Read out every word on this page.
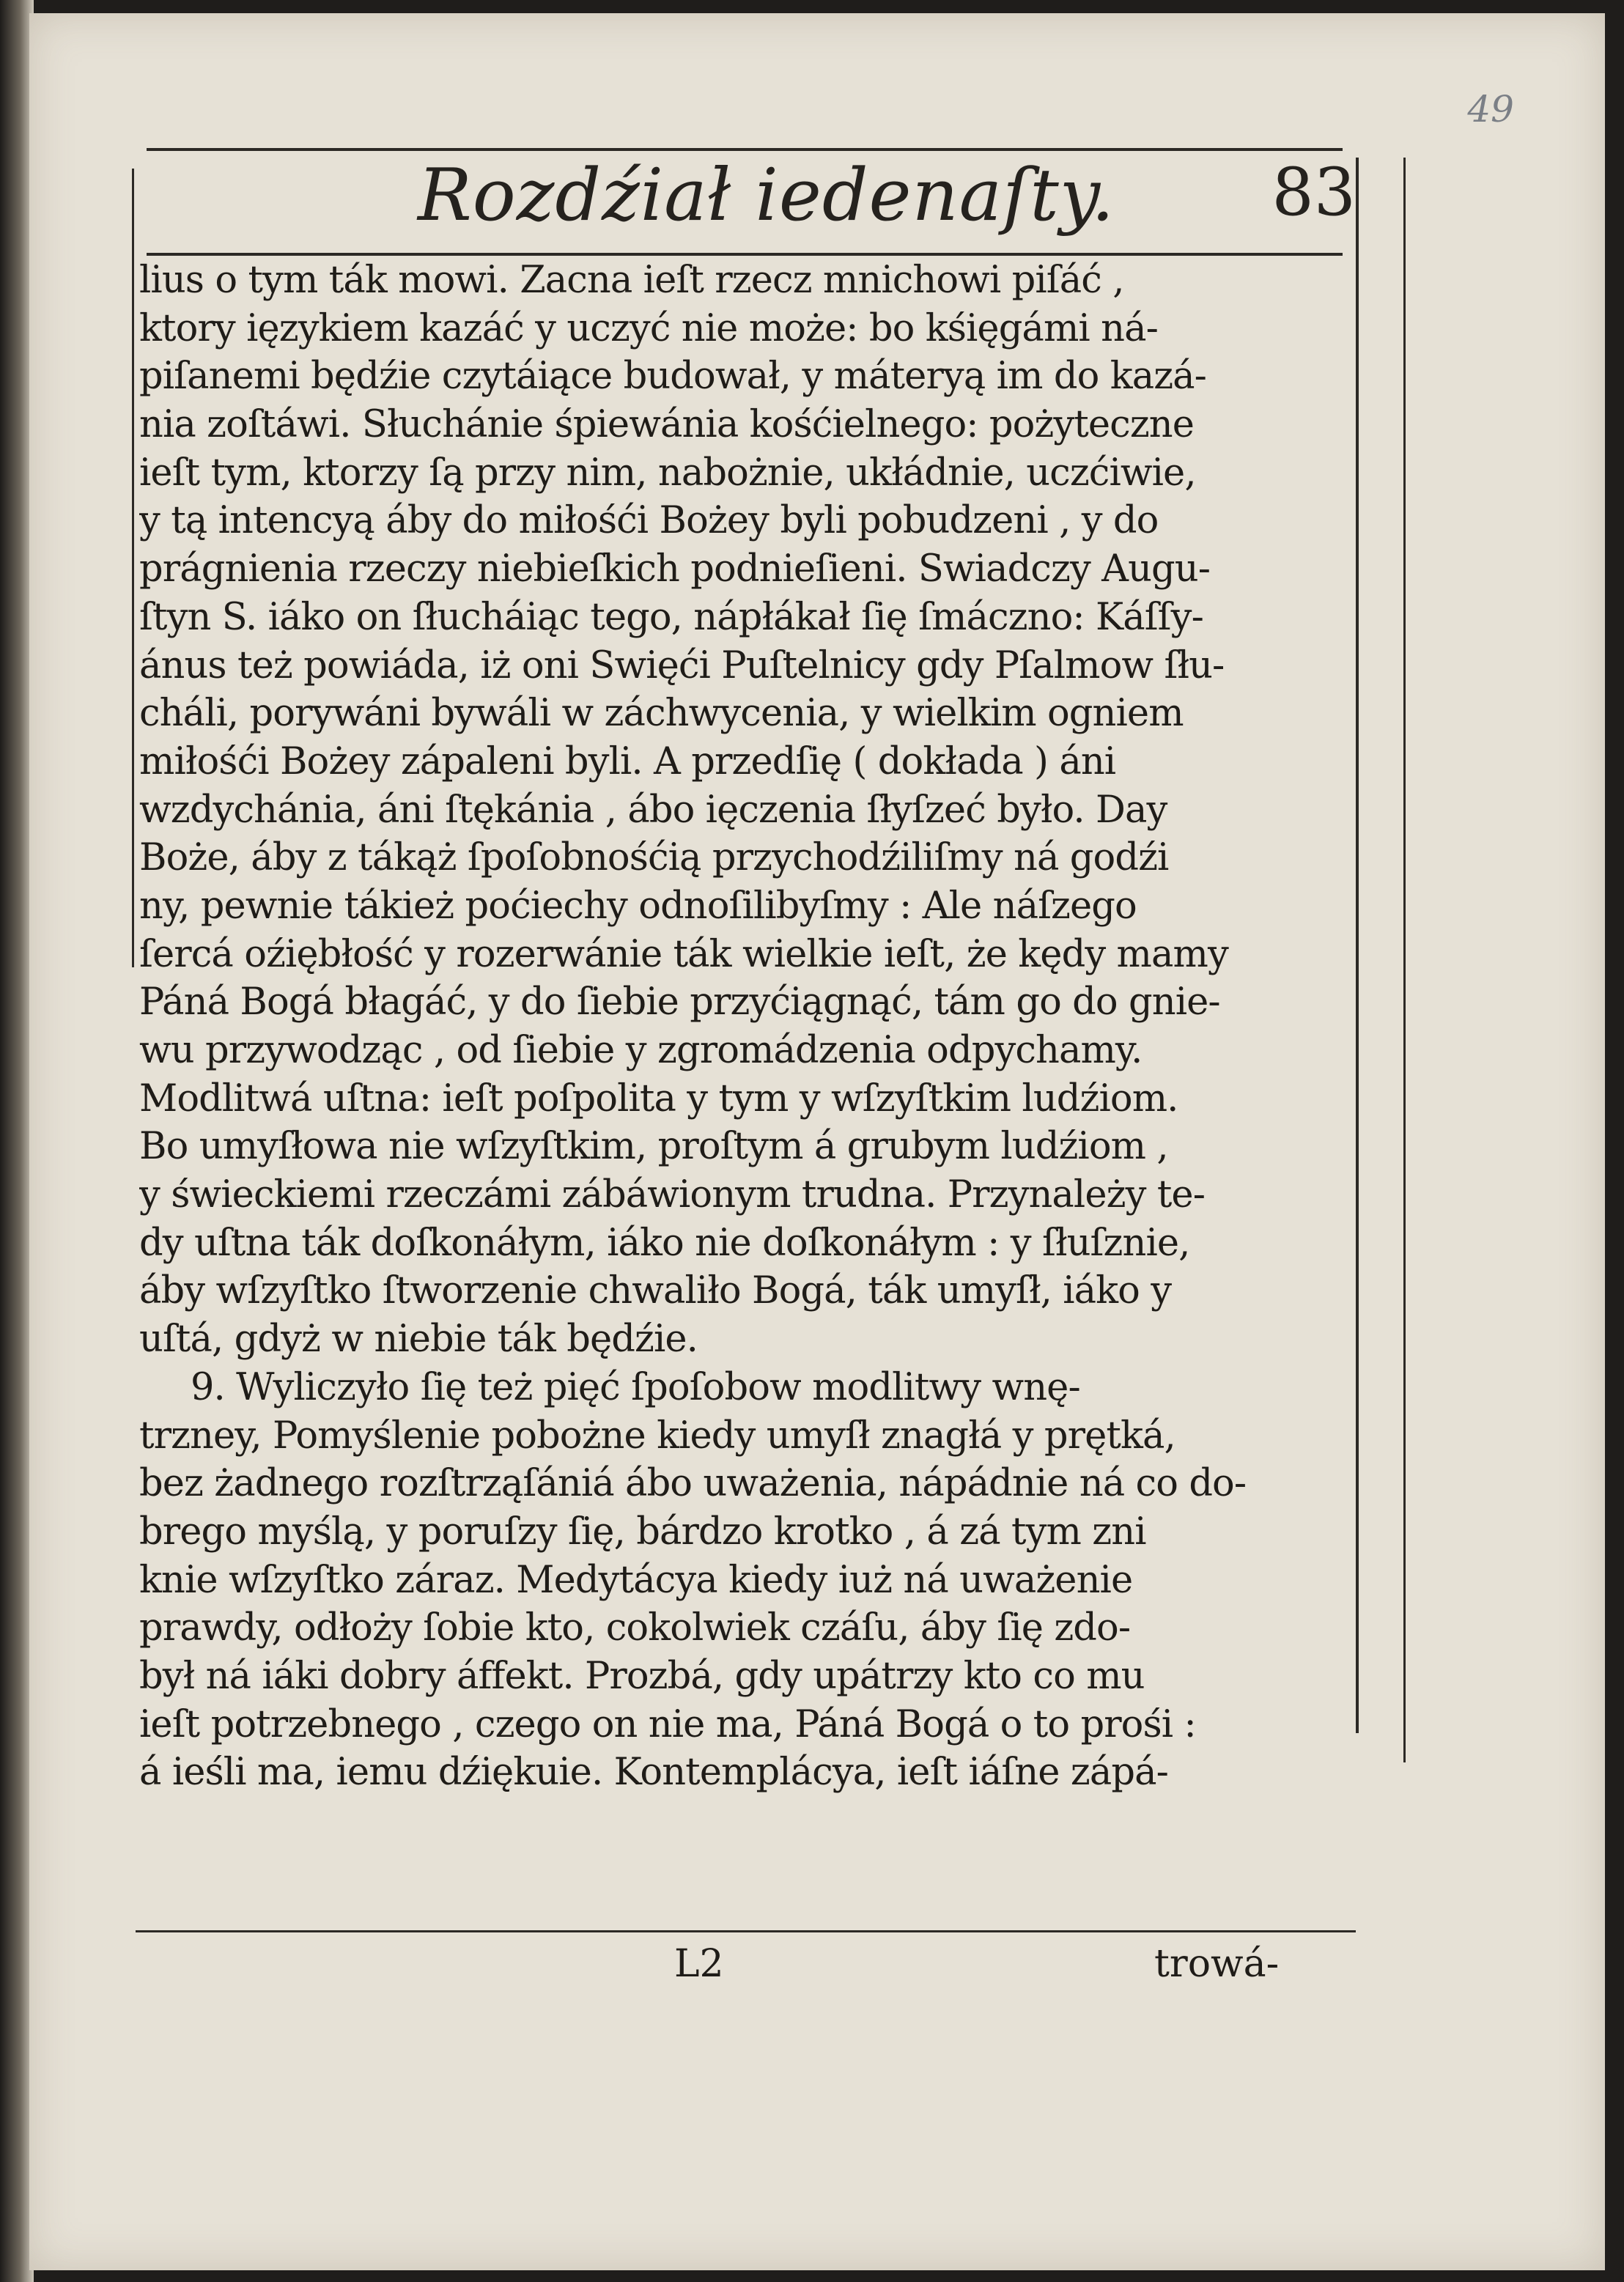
49
Rozdźiał iedenaſty. 83
lius o tym ták mowi. Zacna ieſt rzecz mnichowi piſáć ,
ktory ięzykiem kazáć y uczyć nie może: bo kśięgámi ná-
piſanemi będźie czytáiące budował, y máteryą im do kazá-
nia zoſtáwi. Słuchánie śpiewánia kośćielnego: pożyteczne
ieſt tym, ktorzy ſą przy nim, nabożnie, ukłádnie, uczćiwie,
y tą intencyą áby do miłośći Bożey byli pobudzeni , y do
prágnienia rzeczy niebieſkich podnieſieni. Swiadczy Augu-
ſtyn S. iáko on ſłucháiąc tego, nápłákał ſię ſmáczno: Káſſy-
ánus też powiáda, iż oni Swięći Puſtelnicy gdy Pſalmow ſłu-
cháli, porywáni bywáli w záchwycenia, y wielkim ogniem
miłośći Bożey zápaleni byli. A przedſię ( dokłada ) áni
wzdychánia, áni ſtękánia , ábo ięczenia ſłyſzeć było. Day
Boże, áby z tákąż ſpoſobnośćią przychodźiliſmy ná godźi
ny, pewnie tákież poćiechy odnoſilibyſmy : Ale náſzego
ſercá oźiębłość y rozerwánie ták wielkie ieſt, że kędy mamy
Páná Bogá błagáć, y do ſiebie przyćiągnąć, tám go do gnie-
wu przywodząc , od ſiebie y zgromádzenia odpychamy.
Modlitwá uſtna: ieſt poſpolita y tym y wſzyſtkim ludźiom.
Bo umyſłowa nie wſzyſtkim, proſtym á grubym ludźiom ,
y świeckiemi rzeczámi zábáwionym trudna. Przynależy te-
dy uſtna ták doſkonáłym, iáko nie doſkonáłym : y ſłuſznie,
áby wſzyſtko ſtworzenie chwaliło Bogá, ták umyſł, iáko y
uſtá, gdyż w niebie ták będźie.
9. Wyliczyło ſię też pięć ſpoſobow modlitwy wnę-
trzney, Pomyślenie pobożne kiedy umyſł znagłá y prętká,
bez żadnego rozſtrząſániá ábo uważenia, nápádnie ná co do-
brego myślą, y poruſzy ſię, bárdzo krotko , á zá tym zni
knie wſzyſtko záraz. Medytácya kiedy iuż ná uważenie
prawdy, odłoży ſobie kto, cokolwiek czáſu, áby ſię zdo-
był ná iáki dobry áffekt. Prozbá, gdy upátrzy kto co mu
ieſt potrzebnego , czego on nie ma, Páná Bogá o to prośi :
á ieśli ma, iemu dźiękuie. Kontemplácya, ieſt iáſne zápá-
L2	trowá-
